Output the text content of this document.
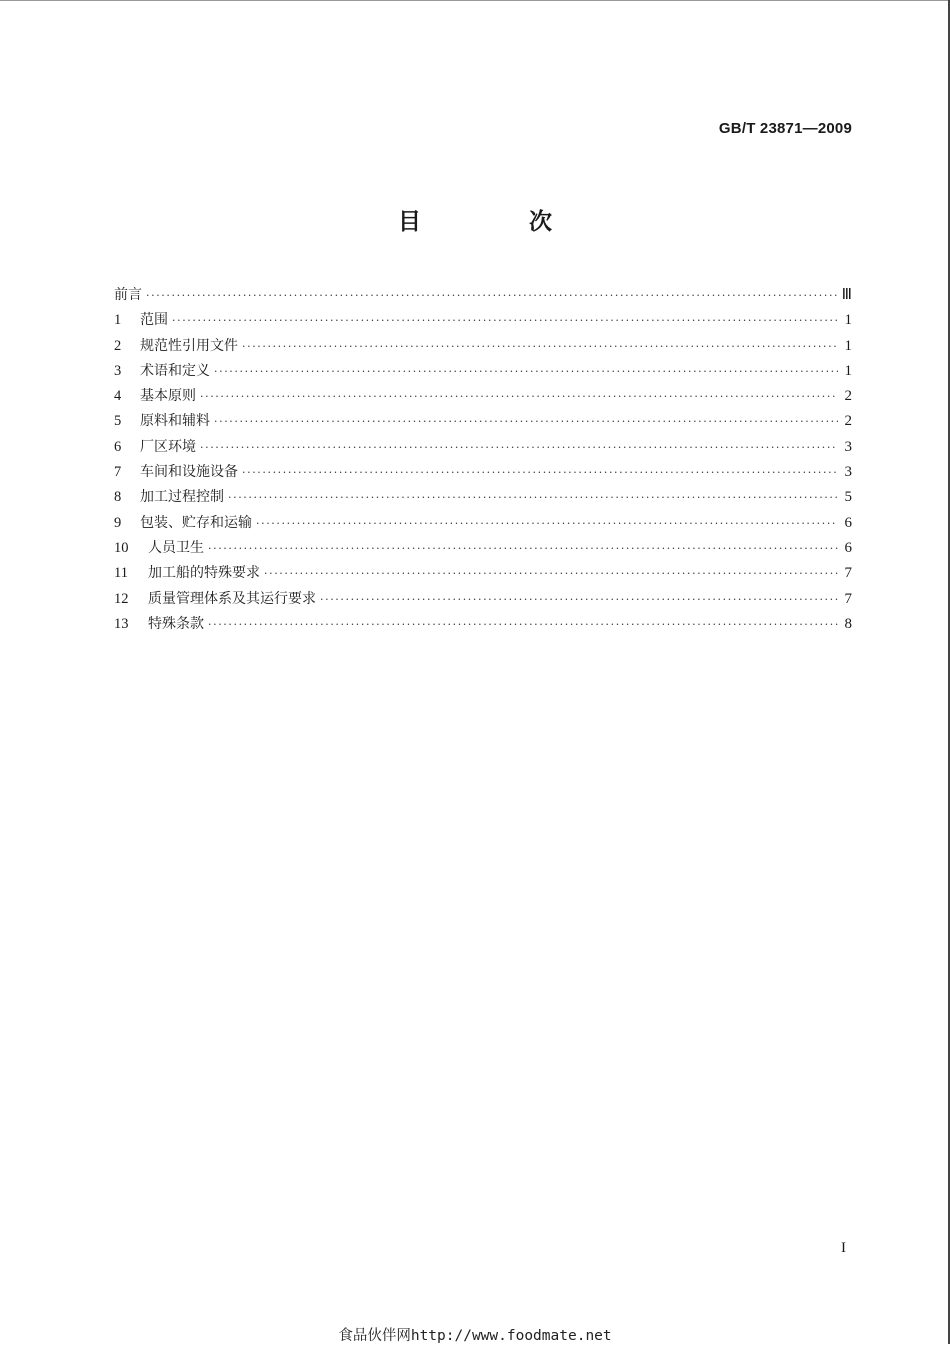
GB/T 23871—2009
目 次
前言 ·····	Ⅲ
1	范围 ·····	1
2	规范性引用文件 ·····	1
3	术语和定义 ·····	1
4	基本原则 ·····	2
5	原料和辅料 ·····	2
6	厂区环境 ·····	3
7	车间和设施设备 ·····	3
8	加工过程控制 ·····	5
9	包装、贮存和运输 ·····	6
10	人员卫生 ·····	6
11	加工船的特殊要求 ·····	7
12	质量管理体系及其运行要求 ·····	7
13	特殊条款 ·····	8
I
食品伙伴网http://www.foodmate.net
